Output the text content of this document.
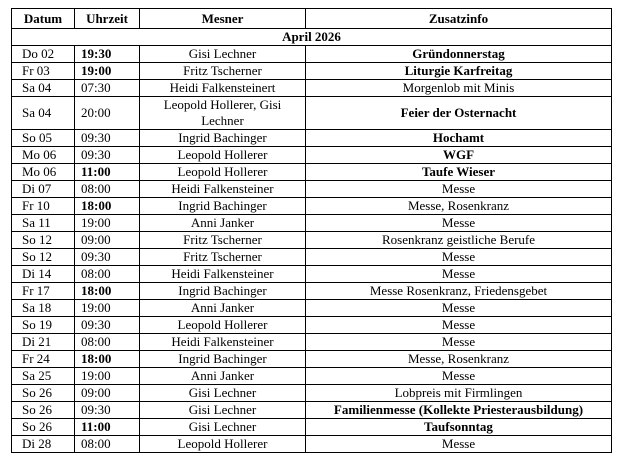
Datum	Uhrzeit	Mesner	Zusatzinfo
April 2026			
Do 02	19:30	Gisi Lechner	Gründonnerstag
Fr 03	19:00	Fritz Tscherner	Liturgie Karfreitag
Sa 04	07:30	Heidi Falkensteinert	Morgenlob mit Minis
Sa 04	20:00	Leopold Hollerer, Gisi Lechner	Feier der Osternacht
So 05	09:30	Ingrid Bachinger	Hochamt
Mo 06	09:30	Leopold Hollerer	WGF
Mo 06	11:00	Leopold Hollerer	Taufe Wieser
Di 07	08:00	Heidi Falkensteiner	Messe
Fr 10	18:00	Ingrid Bachinger	Messe, Rosenkranz
Sa 11	19:00	Anni Janker	Messe
So 12	09:00	Fritz Tscherner	Rosenkranz geistliche Berufe
So 12	09:30	Fritz Tscherner	Messe
Di 14	08:00	Heidi Falkensteiner	Messe
Fr 17	18:00	Ingrid Bachinger	Messe Rosenkranz, Friedensgebet
Sa 18	19:00	Anni Janker	Messe
So 19	09:30	Leopold Hollerer	Messe
Di 21	08:00	Heidi Falkensteiner	Messe
Fr 24	18:00	Ingrid Bachinger	Messe, Rosenkranz
Sa 25	19:00	Anni Janker	Messe
So 26	09:00	Gisi Lechner	Lobpreis mit Firmlingen
So 26	09:30	Gisi Lechner	Familienmesse (Kollekte Priesterausbildung)
So 26	11:00	Gisi Lechner	Taufsonntag
Di 28	08:00	Leopold Hollerer	Messe
